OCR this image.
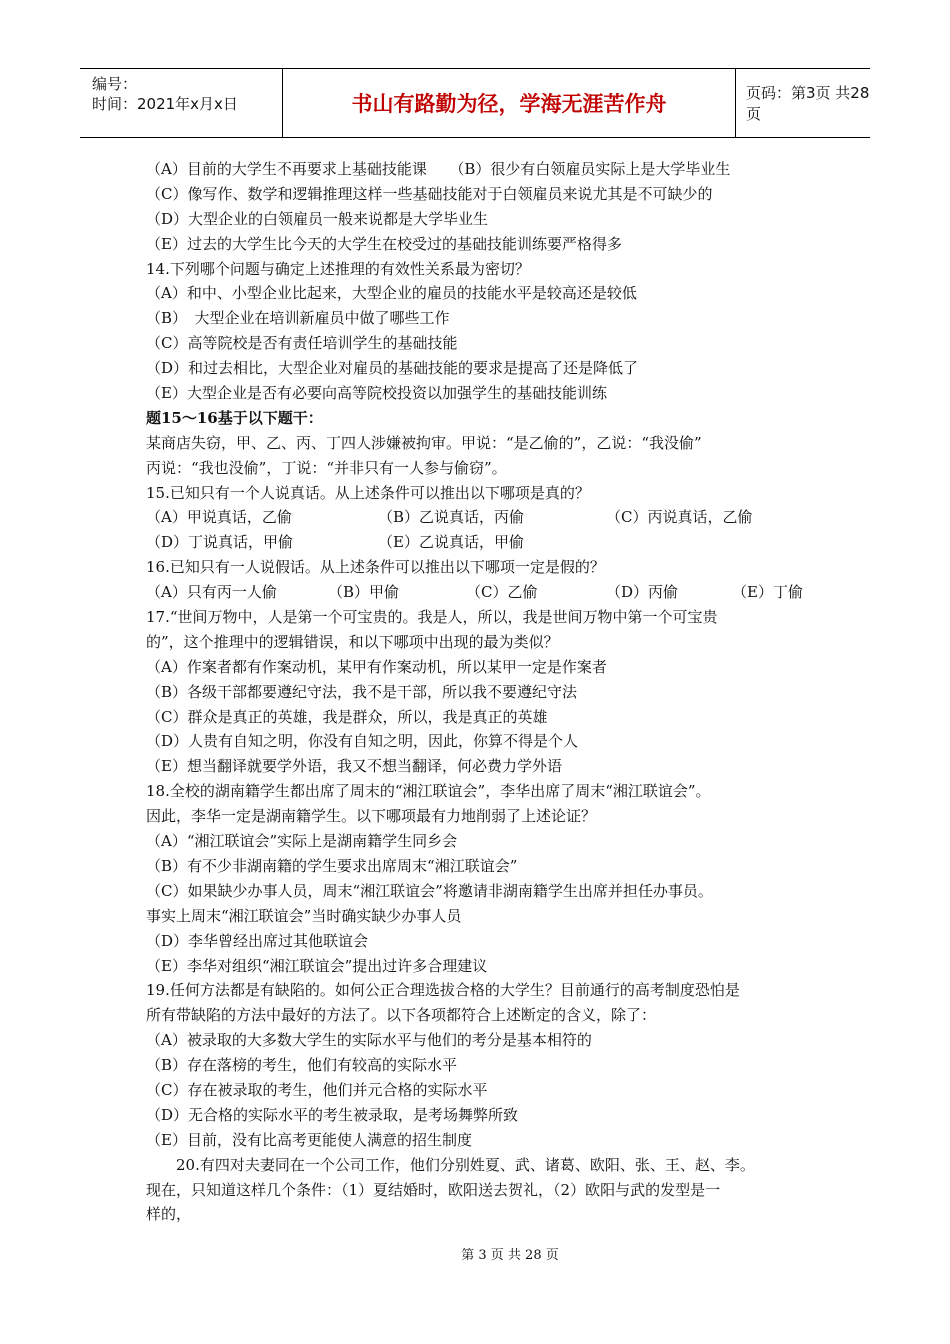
编号：
时间：2021年x月x日	书山有路勤为径，学海无涯苦作舟	页码：第3页 共28页
（A）目前的大学生不再要求上基础技能课　　（B）很少有白领雇员实际上是大学毕业生
（C）像写作、数学和逻辑推理这样一些基础技能对于白领雇员来说尤其是不可缺少的
（D）大型企业的白领雇员一般来说都是大学毕业生
（E）过去的大学生比今天的大学生在校受过的基础技能训练要严格得多
14.下列哪个问题与确定上述推理的有效性关系最为密切？
（A）和中、小型企业比起来，大型企业的雇员的技能水平是较高还是较低
（B）　大型企业在培训新雇员中做了哪些工作
（C）高等院校是否有责任培训学生的基础技能
（D）和过去相比，大型企业对雇员的基础技能的要求是提高了还是降低了
（E）大型企业是否有必要向高等院校投资以加强学生的基础技能训练
题15～16基于以下题干：
某商店失窃，甲、乙、丙、丁四人涉嫌被拘审。甲说：“是乙偷的”，乙说：“我没偷”
丙说：“我也没偷”，丁说：“并非只有一人参与偷窃”。
15.已知只有一个人说真话。从上述条件可以推出以下哪项是真的？
（A）甲说真话，乙偷	（B）乙说真话，丙偷	（C）丙说真话，乙偷
（D）丁说真话，甲偷	（E）乙说真话，甲偷
16.已知只有一人说假话。从上述条件可以推出以下哪项一定是假的？
（A）只有丙一人偷	（B）甲偷	（C）乙偷	（D）丙偷	（E）丁偷
17.“世间万物中，人是第一个可宝贵的。我是人，所以，我是世间万物中第一个可宝贵
的”，这个推理中的逻辑错误，和以下哪项中出现的最为类似？
（A）作案者都有作案动机，某甲有作案动机，所以某甲一定是作案者
（B）各级干部都要遵纪守法，我不是干部，所以我不要遵纪守法
（C）群众是真正的英雄，我是群众，所以，我是真正的英雄
（D）人贵有自知之明，你没有自知之明，因此，你算不得是个人
（E）想当翻译就要学外语，我又不想当翻译，何必费力学外语
18.全校的湖南籍学生都出席了周末的“湘江联谊会”，李华出席了周末“湘江联谊会”。
因此，李华一定是湖南籍学生。以下哪项最有力地削弱了上述论证？
（A）“湘江联谊会”实际上是湖南籍学生同乡会
（B）有不少非湖南籍的学生要求出席周末“湘江联谊会”
（C）如果缺少办事人员，周末“湘江联谊会”将邀请非湖南籍学生出席并担任办事员。
事实上周末“湘江联谊会”当时确实缺少办事人员
（D）李华曾经出席过其他联谊会
（E）李华对组织“湘江联谊会”提出过许多合理建议
19.任何方法都是有缺陷的。如何公正合理选拔合格的大学生？目前通行的高考制度恐怕是
所有带缺陷的方法中最好的方法了。以下各项都符合上述断定的含义，除了：
（A）被录取的大多数大学生的实际水平与他们的考分是基本相符的
（B）存在落榜的考生，他们有较高的实际水平
（C）存在被录取的考生，他们并元合格的实际水平
（D）无合格的实际水平的考生被录取，是考场舞弊所致
（E）目前，没有比高考更能使人满意的招生制度
20.有四对夫妻同在一个公司工作，他们分别姓夏、武、诸葛、欧阳、张、王、赵、李。
现在，只知道这样几个条件：（1）夏结婚时，欧阳送去贺礼，（2）欧阳与武的发型是一
样的，
第 3 页 共 28 页
